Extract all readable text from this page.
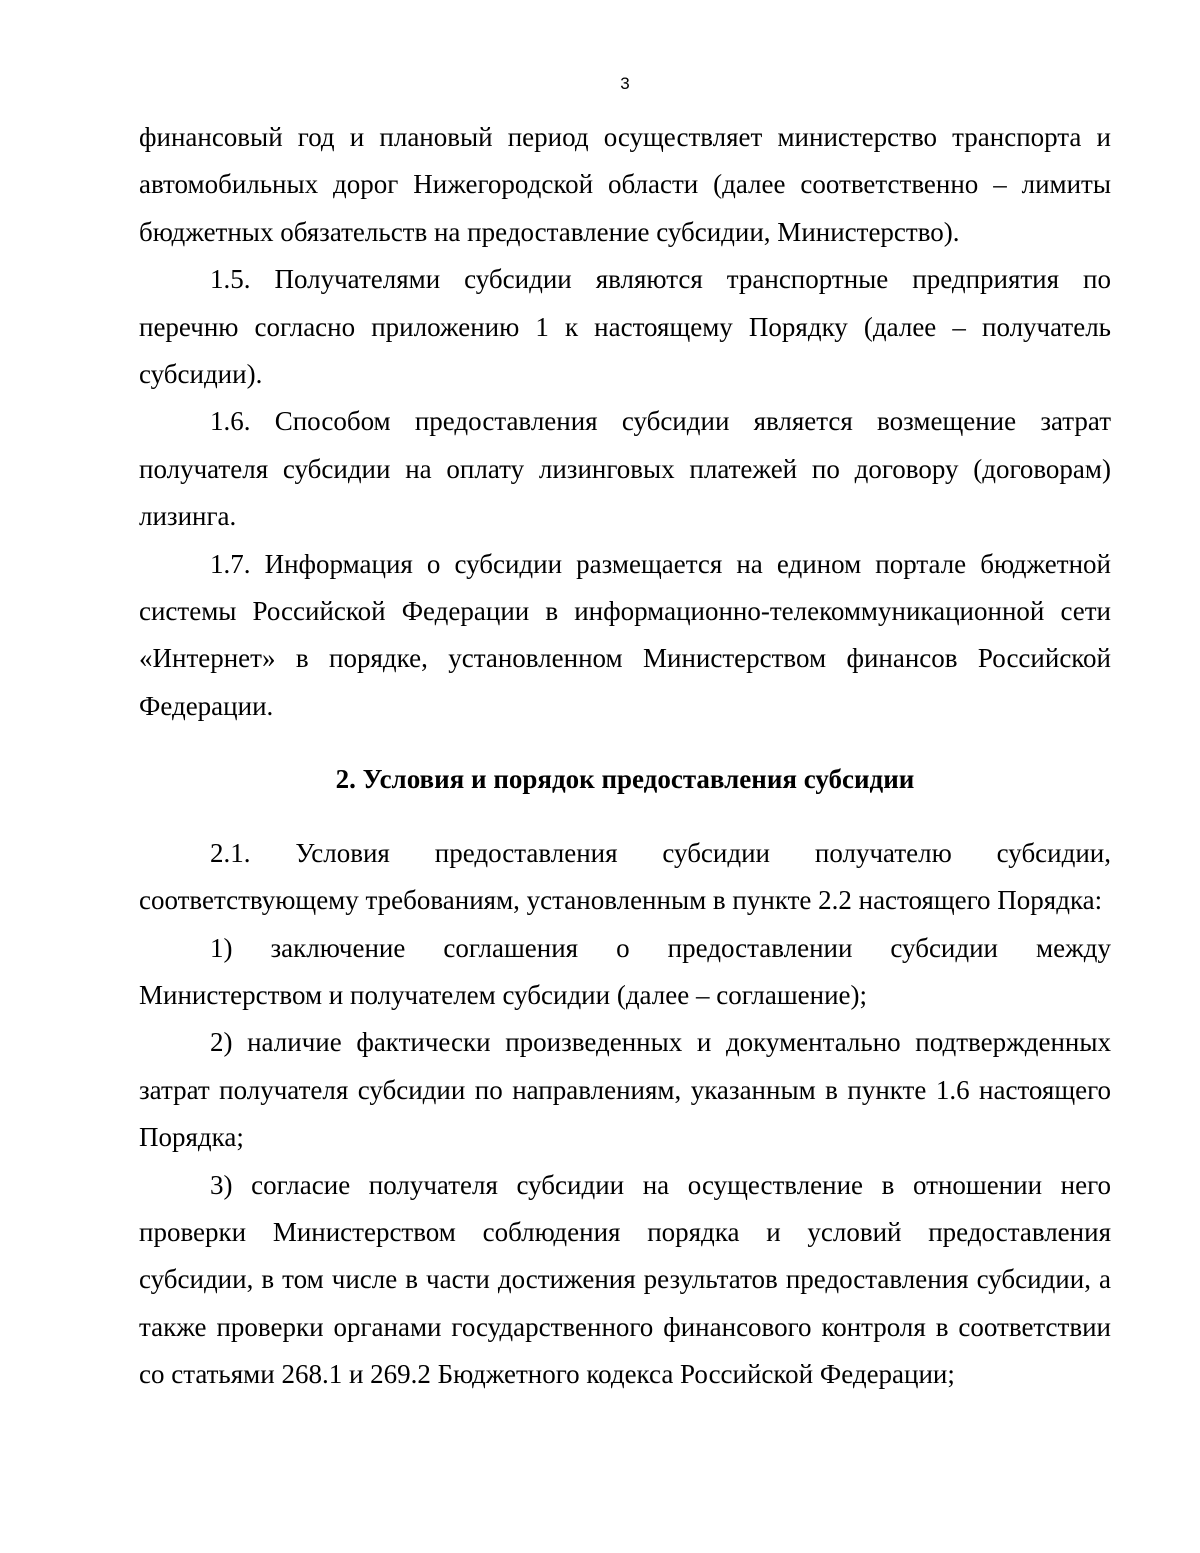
3

финансовый год и плановый период осуществляет министерство транспорта и автомобильных дорог Нижегородской области (далее соответственно – лимиты бюджетных обязательств на предоставление субсидии, Министерство).

1.5. Получателями субсидии являются транспортные предприятия по перечню согласно приложению 1 к настоящему Порядку (далее – получатель субсидии).

1.6. Способом предоставления субсидии является возмещение затрат получателя субсидии на оплату лизинговых платежей по договору (договорам) лизинга.

1.7. Информация о субсидии размещается на едином портале бюджетной системы Российской Федерации в информационно-телекоммуникационной сети «Интернет» в порядке, установленном Министерством финансов Российской Федерации.

2. Условия и порядок предоставления субсидии

2.1. Условия предоставления субсидии получателю субсидии, соответствующему требованиям, установленным в пункте 2.2 настоящего Порядка:

1) заключение соглашения о предоставлении субсидии между Министерством и получателем субсидии (далее – соглашение);

2) наличие фактически произведенных и документально подтвержденных затрат получателя субсидии по направлениям, указанным в пункте 1.6 настоящего Порядка;

3) согласие получателя субсидии на осуществление в отношении него проверки Министерством соблюдения порядка и условий предоставления субсидии, в том числе в части достижения результатов предоставления субсидии, а также проверки органами государственного финансового контроля в соответствии со статьями 268.1 и 269.2 Бюджетного кодекса Российской Федерации;
